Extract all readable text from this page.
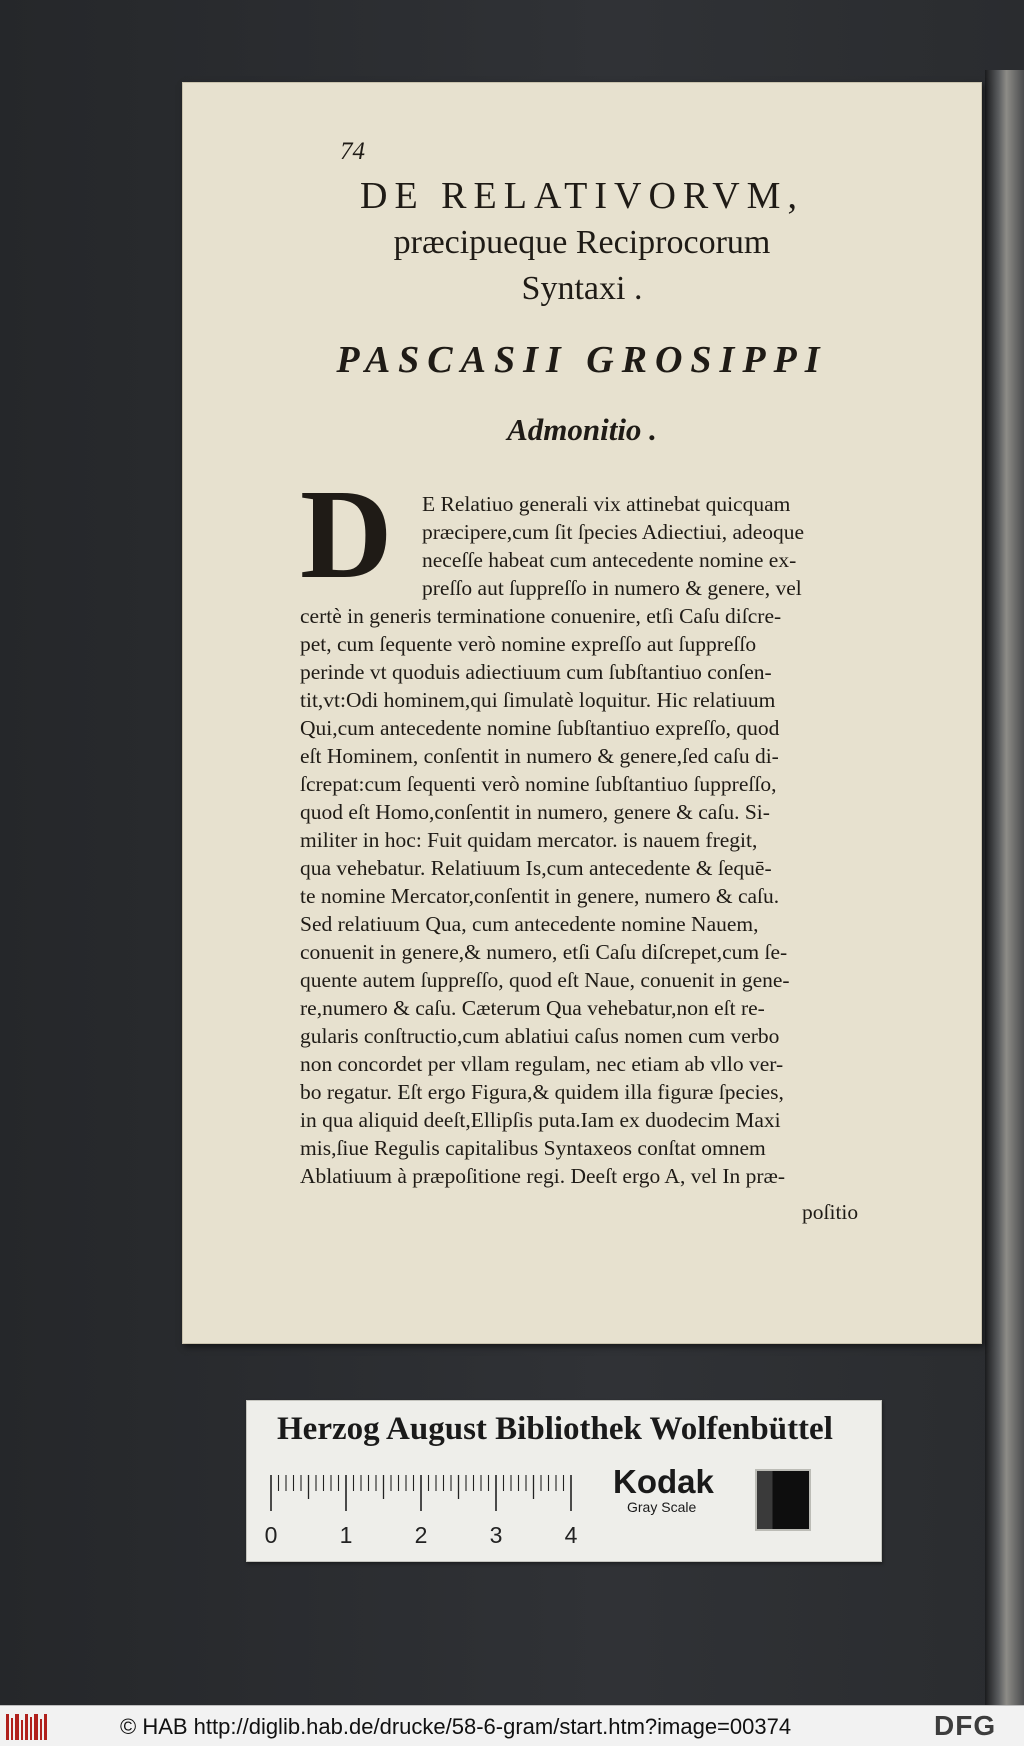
74
DE RELATIVORVM,
præcipueque Reciprocorum
Syntaxi .
PASCASII GROSIPPI
Admonitio .
D E Relatiuo generali vix attinebat quicquam
præcipere,cum ſit ſpecies Adiectiui, adeoque
neceſſe habeat cum antecedente nomine ex-
preſſo aut ſuppreſſo in numero & genere, vel
certè in generis terminatione conuenire, etſi Caſu diſcre-
pet, cum ſequente verò nomine expreſſo aut ſuppreſſo
perinde vt quoduis adiectiuum cum ſubſtantiuo conſen-
tit,vt:Odi hominem,qui ſimulatè loquitur. Hic relatiuum
Qui,cum antecedente nomine ſubſtantiuo expreſſo, quod
eſt Hominem, conſentit in numero & genere,ſed caſu di-
ſcrepat:cum ſequenti verò nomine ſubſtantiuo ſuppreſſo,
quod eſt Homo,conſentit in numero, genere & caſu. Si-
militer in hoc: Fuit quidam mercator. is nauem fregit,
qua vehebatur. Relatiuum Is,cum antecedente & ſequē-
te nomine Mercator,conſentit in genere, numero & caſu.
Sed relatiuum Qua, cum antecedente nomine Nauem,
conuenit in genere,& numero, etſi Caſu diſcrepet,cum ſe-
quente autem ſuppreſſo, quod eſt Naue, conuenit in gene-
re,numero & caſu. Cæterum Qua vehebatur,non eſt re-
gularis conſtructio,cum ablatiui caſus nomen cum verbo
non concordet per vllam regulam, nec etiam ab vllo ver-
bo regatur. Eſt ergo Figura,& quidem illa figuræ ſpecies,
in qua aliquid deeſt,Ellipſis puta.Iam ex duodecim Maxi
mis,ſiue Regulis capitalibus Syntaxeos conſtat omnem
Ablatiuum à præpoſitione regi. Deeſt ergo A, vel In præ-
poſitio
Herzog August Bibliothek Wolfenbüttel
0	1	2	3	4
Kodak
Gray Scale
© HAB http://diglib.hab.de/drucke/58-6-gram/start.htm?image=00374	DFG
